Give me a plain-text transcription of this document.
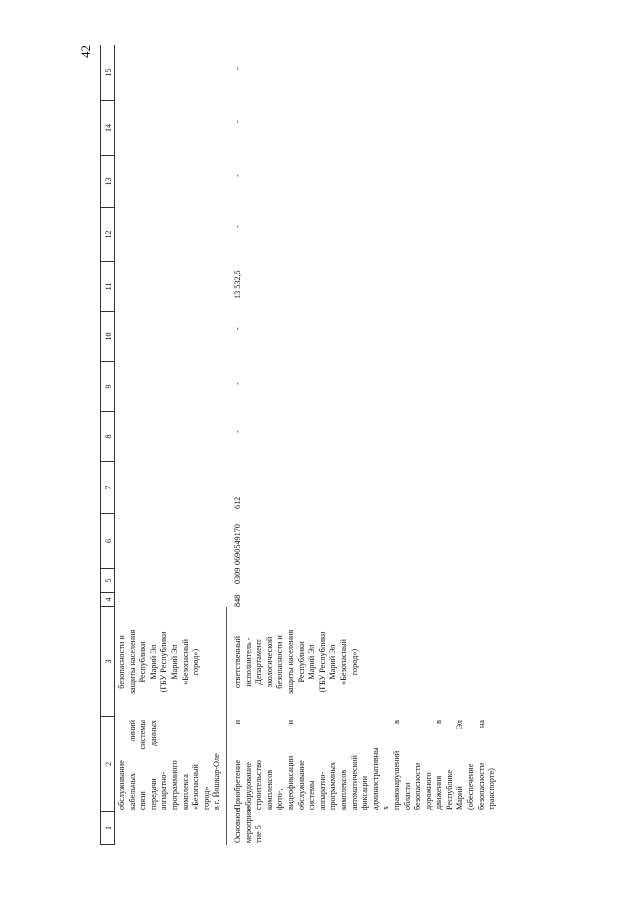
42
1
2
3
4
5
6
7
8
9
10
11
12
13
14
15
обслуживание кабельных линий связи системы передачи данных аппаратно- программного комплекса «Безопасный город» в г. Йошкар-Оле
безопасности и защиты населения Республики Марий Эл (ГБУ Республики Марий Эл «Безопасный город»)
Основное мероприя- тие 5
Приобретение и оборудование строительство комплексов фото-, видеофиксации и обслуживание системы аппаратно- программных комплексов автоматической фиксации административны х правонарушений в области безопасности дорожного движения в Республике Марий Эл (обеспечение безопасности на транспорте)
ответственный исполнитель - Департамент экологической безопасности и защиты населения Республики Марий Эл (ГБУ Республики Марий Эл «Безопасный город»)
848
0309
0690549170
612
-
-
-
13 532,5
-
-
-
-
